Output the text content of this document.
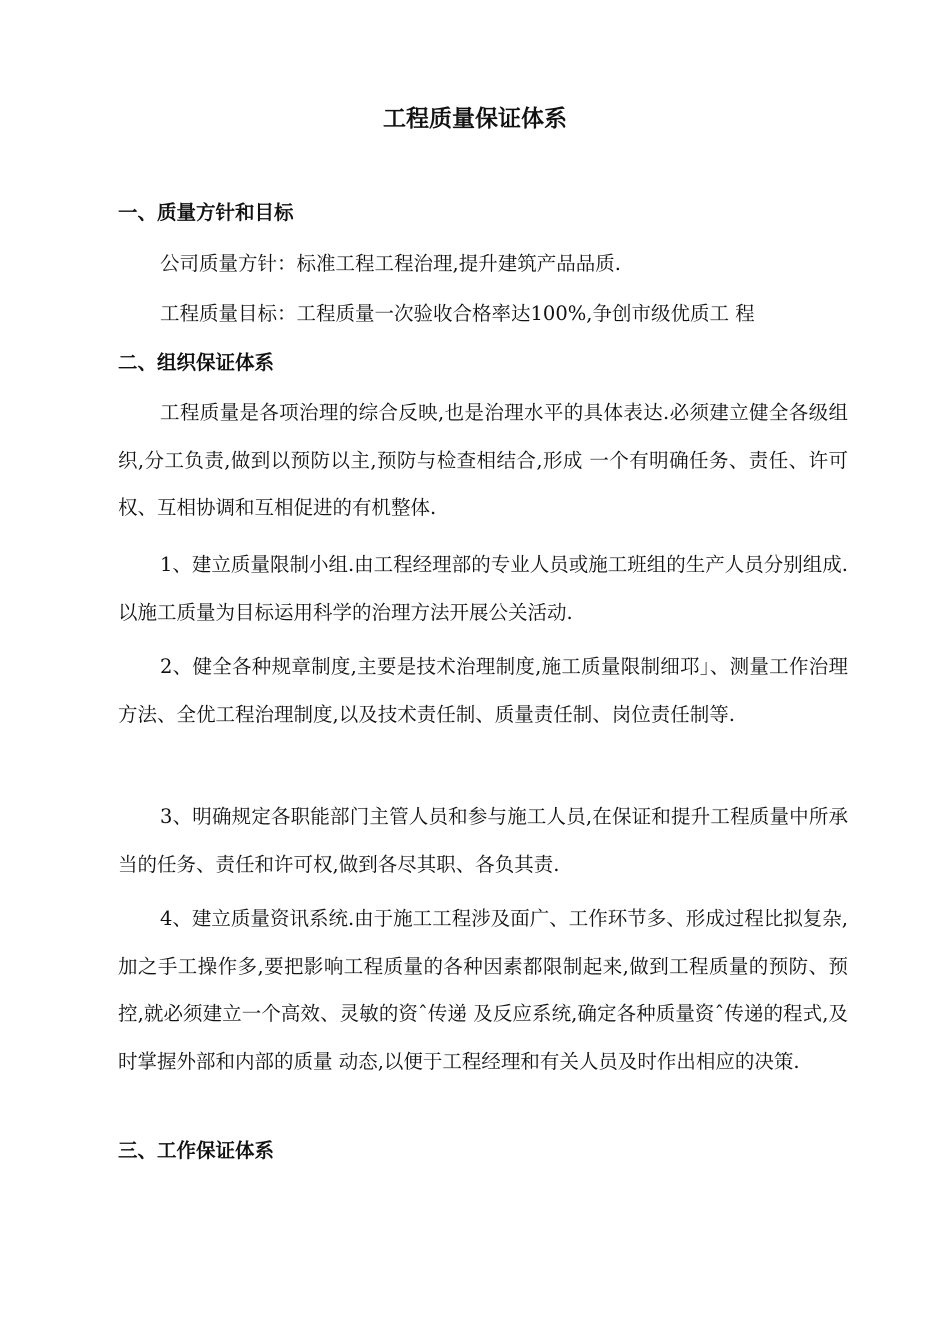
工程质量保证体系
一、质量方针和目标

公司质量方针：标准工程工程治理,提升建筑产品品质.

工程质量目标：工程质量一次验收合格率达100%,争创市级优质工 程

二、组织保证体系

工程质量是各项治理的综合反映,也是治理水平的具体表达.必须建立健全各级组织,分工负责,做到以预防以主,预防与检查相结合,形成 一个有明确任务、责任、许可权、互相协调和互相促进的有机整体.

1、建立质量限制小组.由工程经理部的专业人员或施工班组的生产人员分别组成.以施工质量为目标运用科学的治理方法开展公关活动.

2、健全各种规章制度,主要是技术治理制度,施工质量限制细邛」、测量工作治理方法、全优工程治理制度,以及技术责任制、质量责任制、岗位责任制等.

3、明确规定各职能部门主管人员和参与施工人员,在保证和提升工程质量中所承当的任务、责任和许可权,做到各尽其职、各负其责.

4、建立质量资讯系统.由于施工工程涉及面广、工作环节多、形成过程比拟复杂,加之手工操作多,要把影响工程质量的各种因素都限制起来,做到工程质量的预防、预控,就必须建立一个高效、灵敏的资ˆ传递 及反应系统,确定各种质量资ˆ传递的程式,及时掌握外部和内部的质量 动态,以便于工程经理和有关人员及时作出相应的决策.

三、工作保证体系
